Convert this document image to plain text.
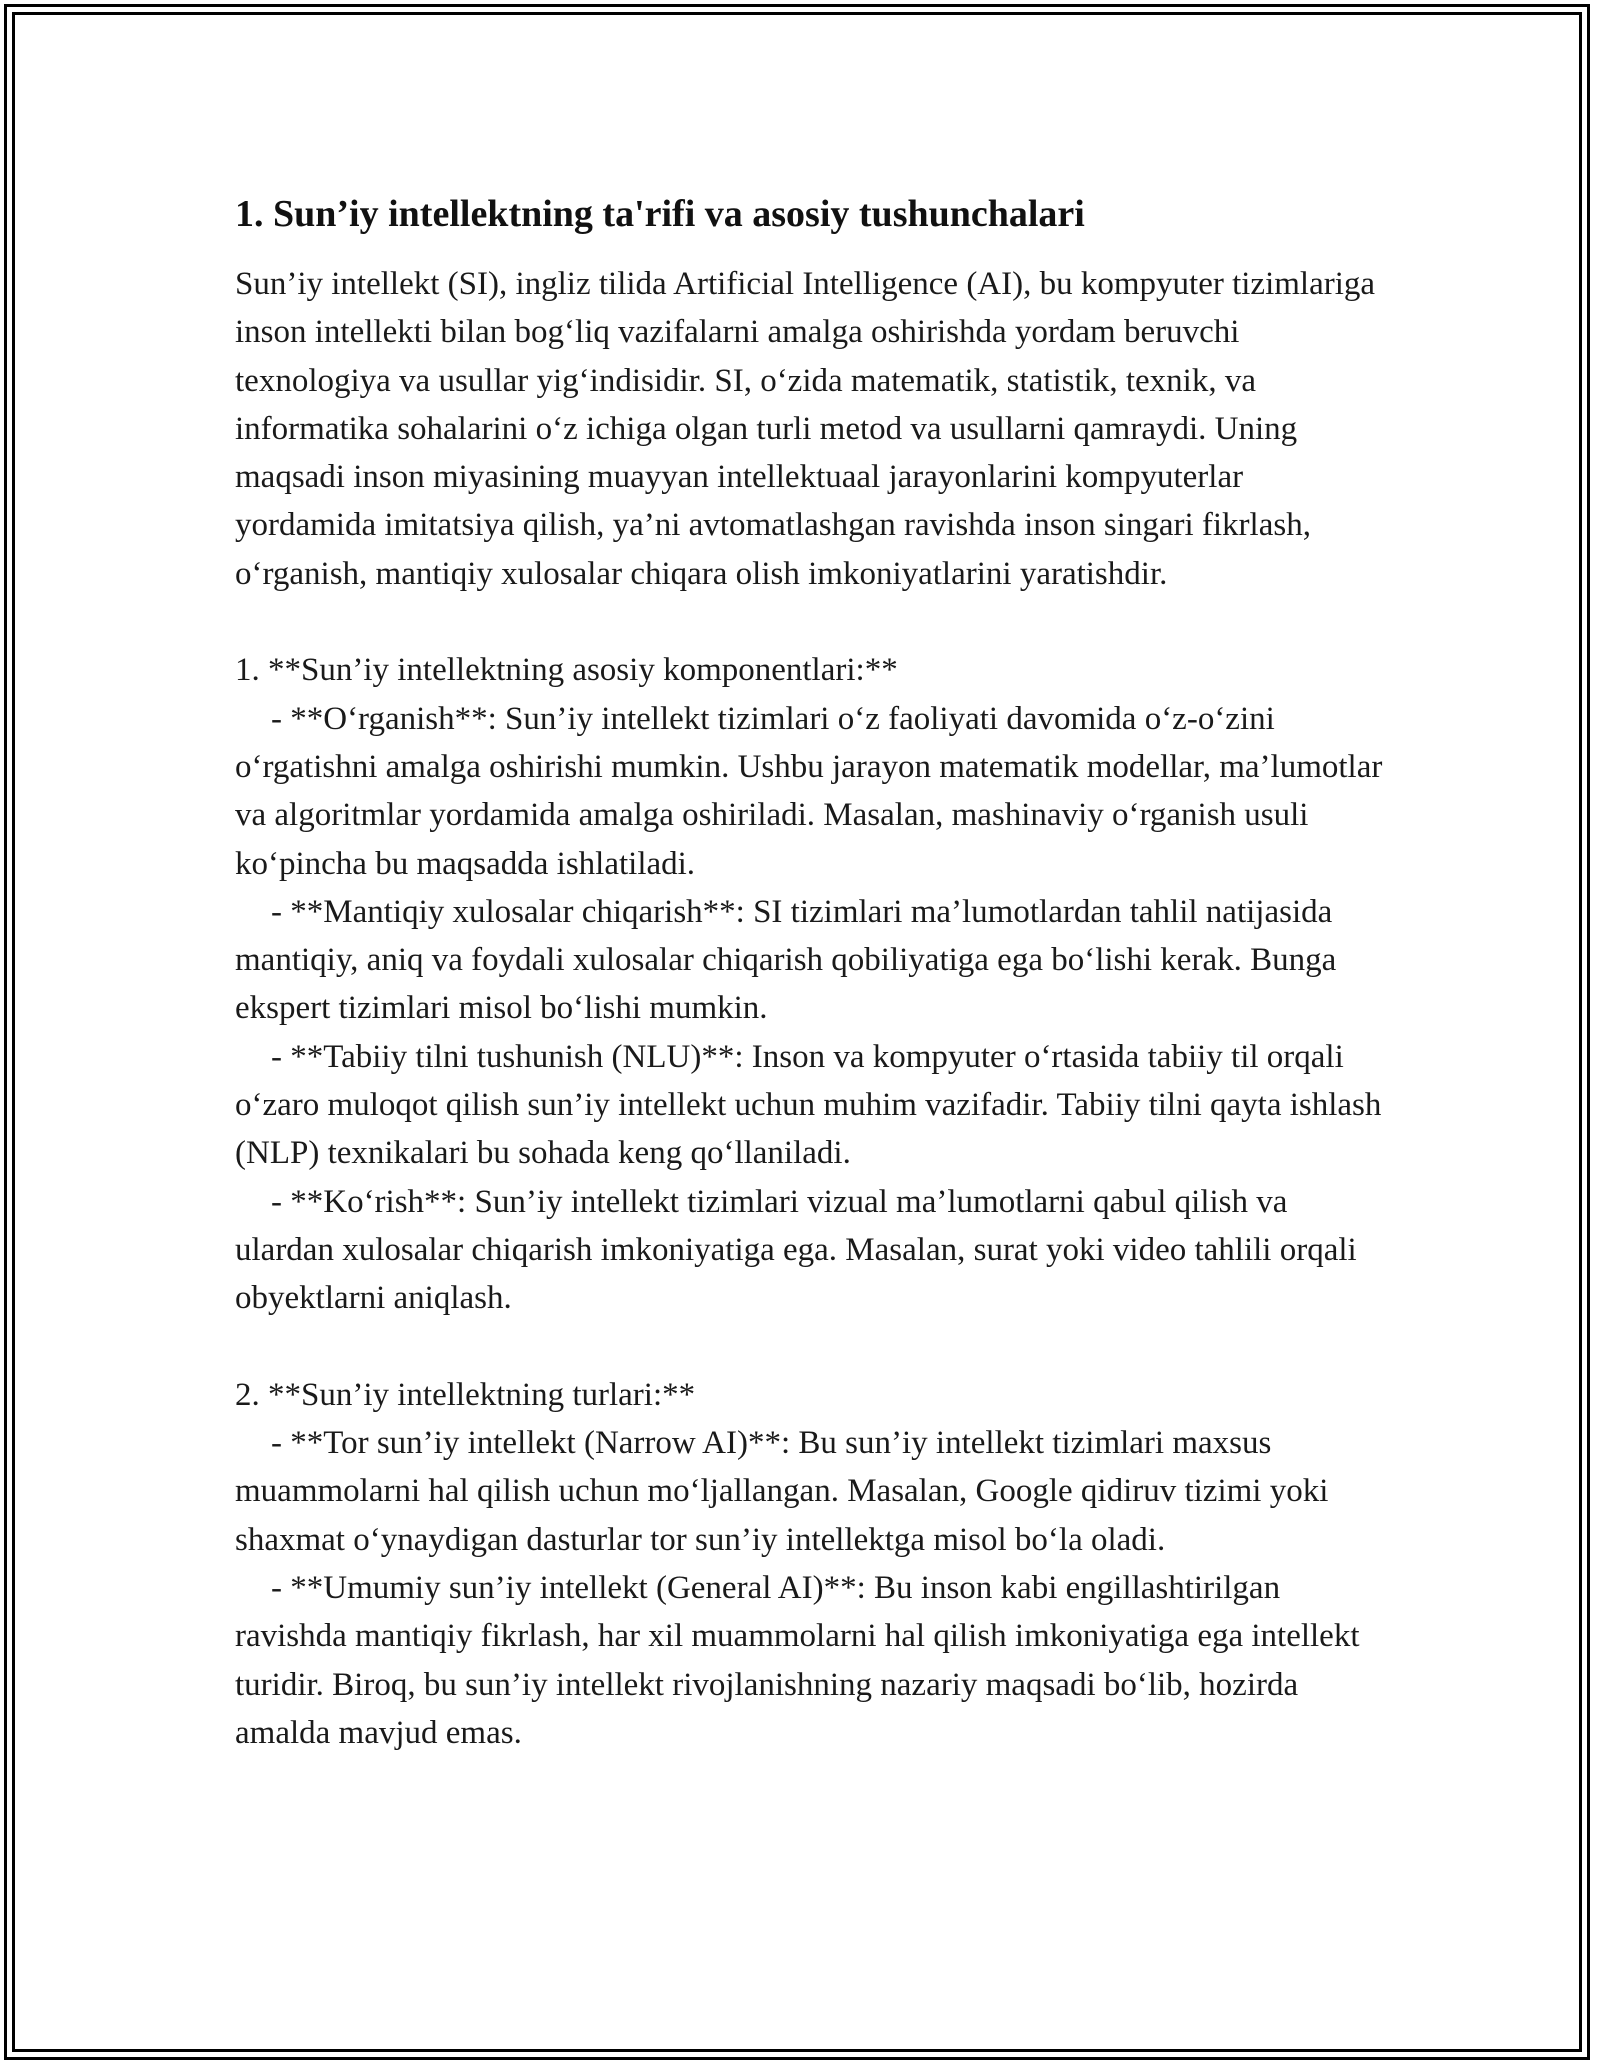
1. Sun’iy intellektning ta'rifi va asosiy tushunchalari

Sun’iy intellekt (SI), ingliz tilida Artificial Intelligence (AI), bu kompyuter tizimlariga inson intellekti bilan bog‘liq vazifalarni amalga oshirishda yordam beruvchi texnologiya va usullar yig‘indisidir. SI, o‘zida matematik, statistik, texnik, va informatika sohalarini o‘z ichiga olgan turli metod va usullarni qamraydi. Uning maqsadi inson miyasining muayyan intellektuaal jarayonlarini kompyuterlar yordamida imitatsiya qilish, ya’ni avtomatlashgan ravishda inson singari fikrlash, o‘rganish, mantiqiy xulosalar chiqara olish imkoniyatlarini yaratishdir.

1. **Sun’iy intellektning asosiy komponentlari:**

- **O‘rganish**: Sun’iy intellekt tizimlari o‘z faoliyati davomida o‘z-o‘zini o‘rgatishni amalga oshirishi mumkin. Ushbu jarayon matematik modellar, ma’lumotlar va algoritmlar yordamida amalga oshiriladi. Masalan, mashinaviy o‘rganish usuli ko‘pincha bu maqsadda ishlatiladi.

- **Mantiqiy xulosalar chiqarish**: SI tizimlari ma’lumotlardan tahlil natijasida mantiqiy, aniq va foydali xulosalar chiqarish qobiliyatiga ega bo‘lishi kerak. Bunga ekspert tizimlari misol bo‘lishi mumkin.

- **Tabiiy tilni tushunish (NLU)**: Inson va kompyuter o‘rtasida tabiiy til orqali o‘zaro muloqot qilish sun’iy intellekt uchun muhim vazifadir. Tabiiy tilni qayta ishlash (NLP) texnikalari bu sohada keng qo‘llaniladi.

- **Ko‘rish**: Sun’iy intellekt tizimlari vizual ma’lumotlarni qabul qilish va ulardan xulosalar chiqarish imkoniyatiga ega. Masalan, surat yoki video tahlili orqali obyektlarni aniqlash.

2. **Sun’iy intellektning turlari:**

- **Tor sun’iy intellekt (Narrow AI)**: Bu sun’iy intellekt tizimlari maxsus muammolarni hal qilish uchun mo‘ljallangan. Masalan, Google qidiruv tizimi yoki shaxmat o‘ynaydigan dasturlar tor sun’iy intellektga misol bo‘la oladi.

- **Umumiy sun’iy intellekt (General AI)**: Bu inson kabi engillashtirilgan ravishda mantiqiy fikrlash, har xil muammolarni hal qilish imkoniyatiga ega intellekt turidir. Biroq, bu sun’iy intellekt rivojlanishning nazariy maqsadi bo‘lib, hozirda amalda mavjud emas.
